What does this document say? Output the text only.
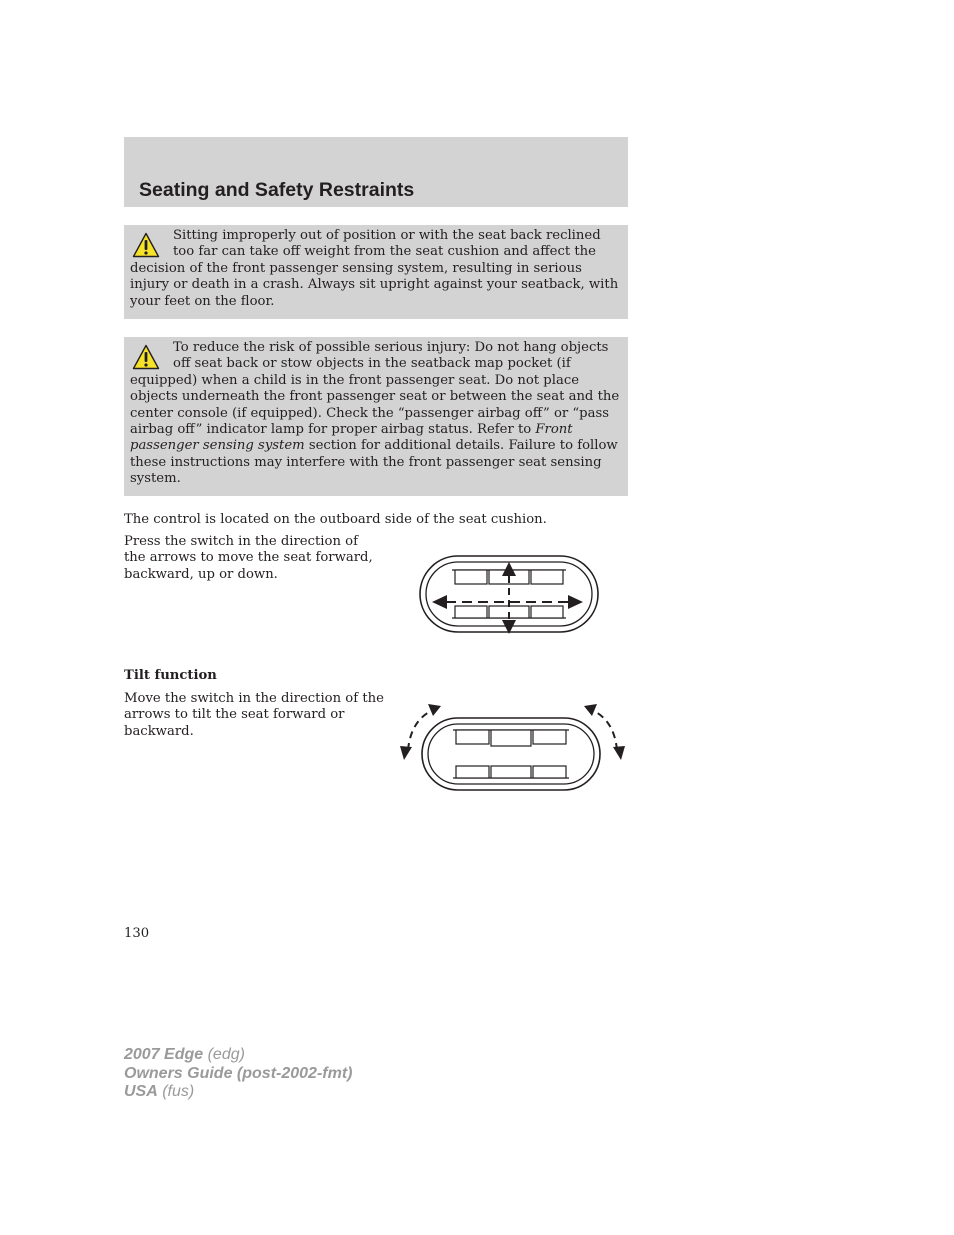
Seating and Safety Restraints

Sitting improperly out of position or with the seat back reclined too far can take off weight from the seat cushion and affect the decision of the front passenger sensing system, resulting in serious injury or death in a crash. Always sit upright against your seatback, with your feet on the floor.

To reduce the risk of possible serious injury: Do not hang objects off seat back or stow objects in the seatback map pocket (if equipped) when a child is in the front passenger seat. Do not place objects underneath the front passenger seat or between the seat and the center console (if equipped). Check the “passenger airbag off” or “pass airbag off” indicator lamp for proper airbag status. Refer to Front passenger sensing system section for additional details. Failure to follow these instructions may interfere with the front passenger seat sensing system.

The control is located on the outboard side of the seat cushion.

Press the switch in the direction of the arrows to move the seat forward, backward, up or down.

Tilt function

Move the switch in the direction of the arrows to tilt the seat forward or backward.

130

2007 Edge (edg)
Owners Guide (post-2002-fmt)
USA (fus)
